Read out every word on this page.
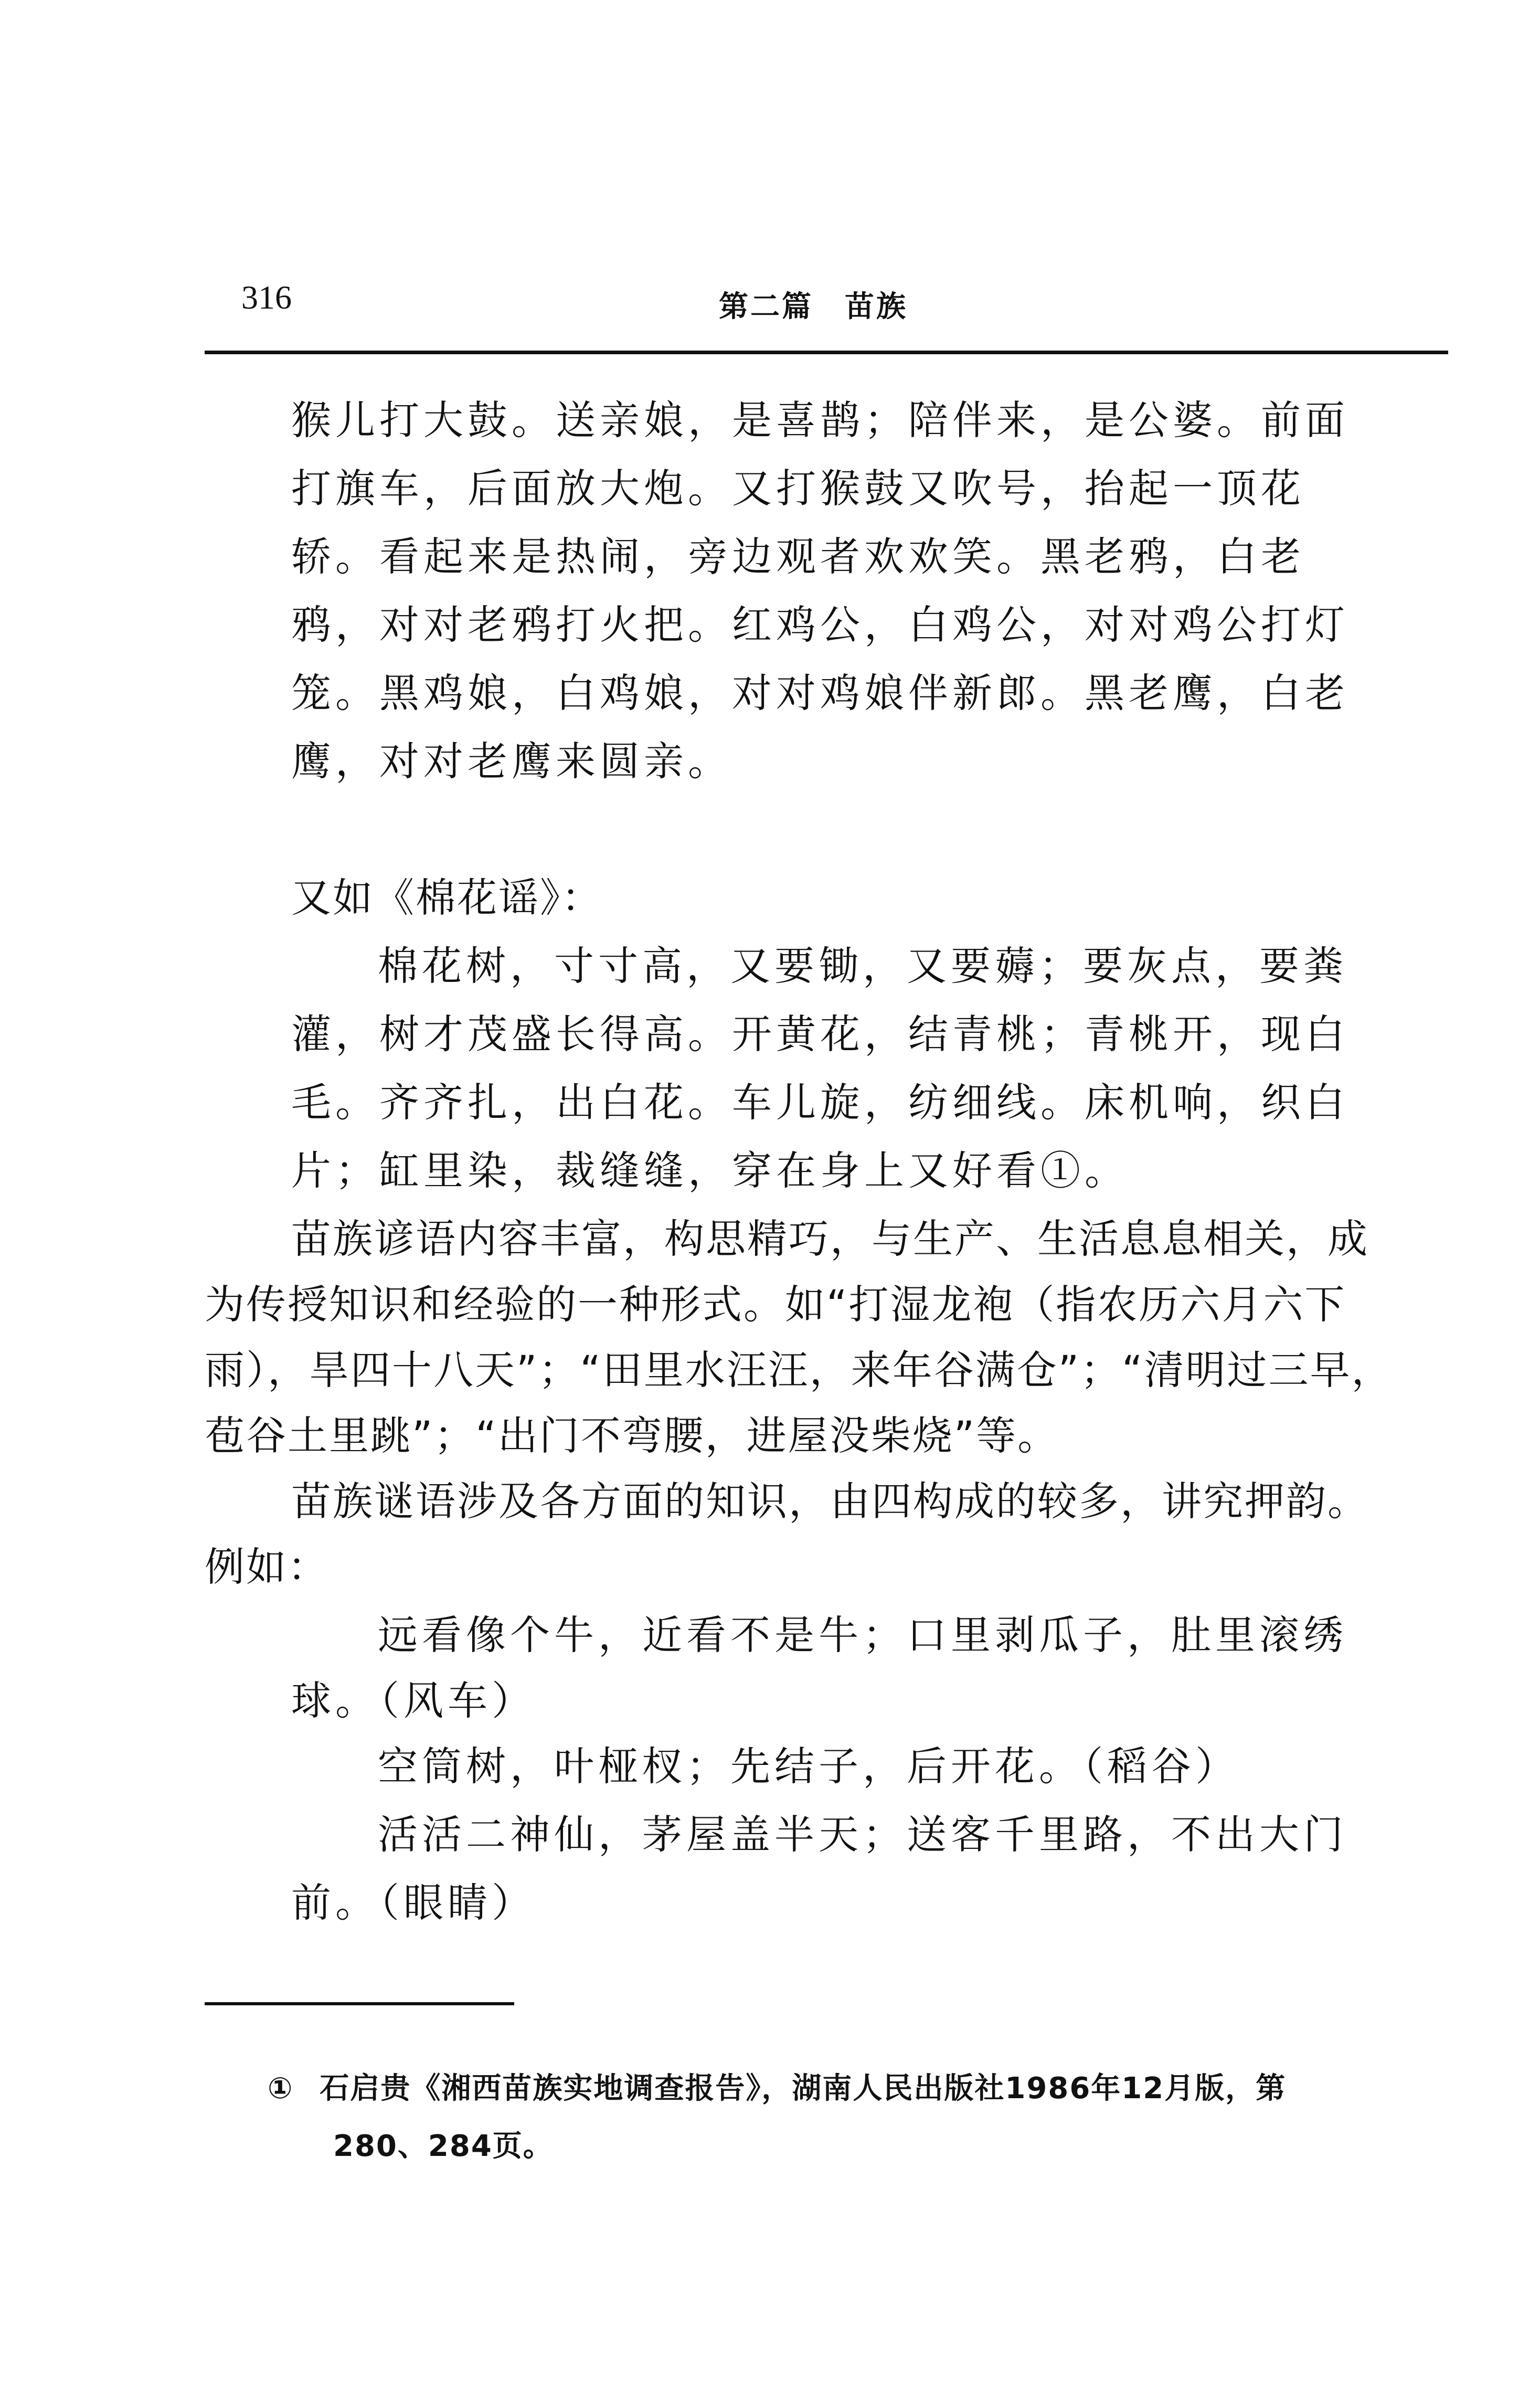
316	第二篇　苗族
猴儿打大鼓。送亲娘，是喜鹊；陪伴来，是公婆。前面
打旗车，后面放大炮。又打猴鼓又吹号，抬起一顶花
轿。看起来是热闹，旁边观者欢欢笑。黑老鸦，白老
鸦，对对老鸦打火把。红鸡公，白鸡公，对对鸡公打灯
笼。黑鸡娘，白鸡娘，对对鸡娘伴新郎。黑老鹰，白老
鹰，对对老鹰来圆亲。
又如《棉花谣》：
棉花树，寸寸高，又要锄，又要薅；要灰点，要粪
灌，树才茂盛长得高。开黄花，结青桃；青桃开，现白
毛。齐齐扎，出白花。车儿旋，纺细线。床机响，织白
片；缸里染，裁缝缝，穿在身上又好看①。
苗族谚语内容丰富，构思精巧，与生产、生活息息相关，成
为传授知识和经验的一种形式。如“打湿龙袍（指农历六月六下
雨），旱四十八天”；“田里水汪汪，来年谷满仓”；“清明过三早，
苞谷土里跳”；“出门不弯腰，进屋没柴烧”等。
苗族谜语涉及各方面的知识，由四构成的较多，讲究押韵。
例如：
远看像个牛，近看不是牛；口里剥瓜子，肚里滚绣
球。（风车）
空筒树，叶桠杈；先结子，后开花。（稻谷）
活活二神仙，茅屋盖半天；送客千里路，不出大门
前。（眼睛）
① 石启贵《湘西苗族实地调查报告》，湖南人民出版社1986年12月版，第
280、284页。
